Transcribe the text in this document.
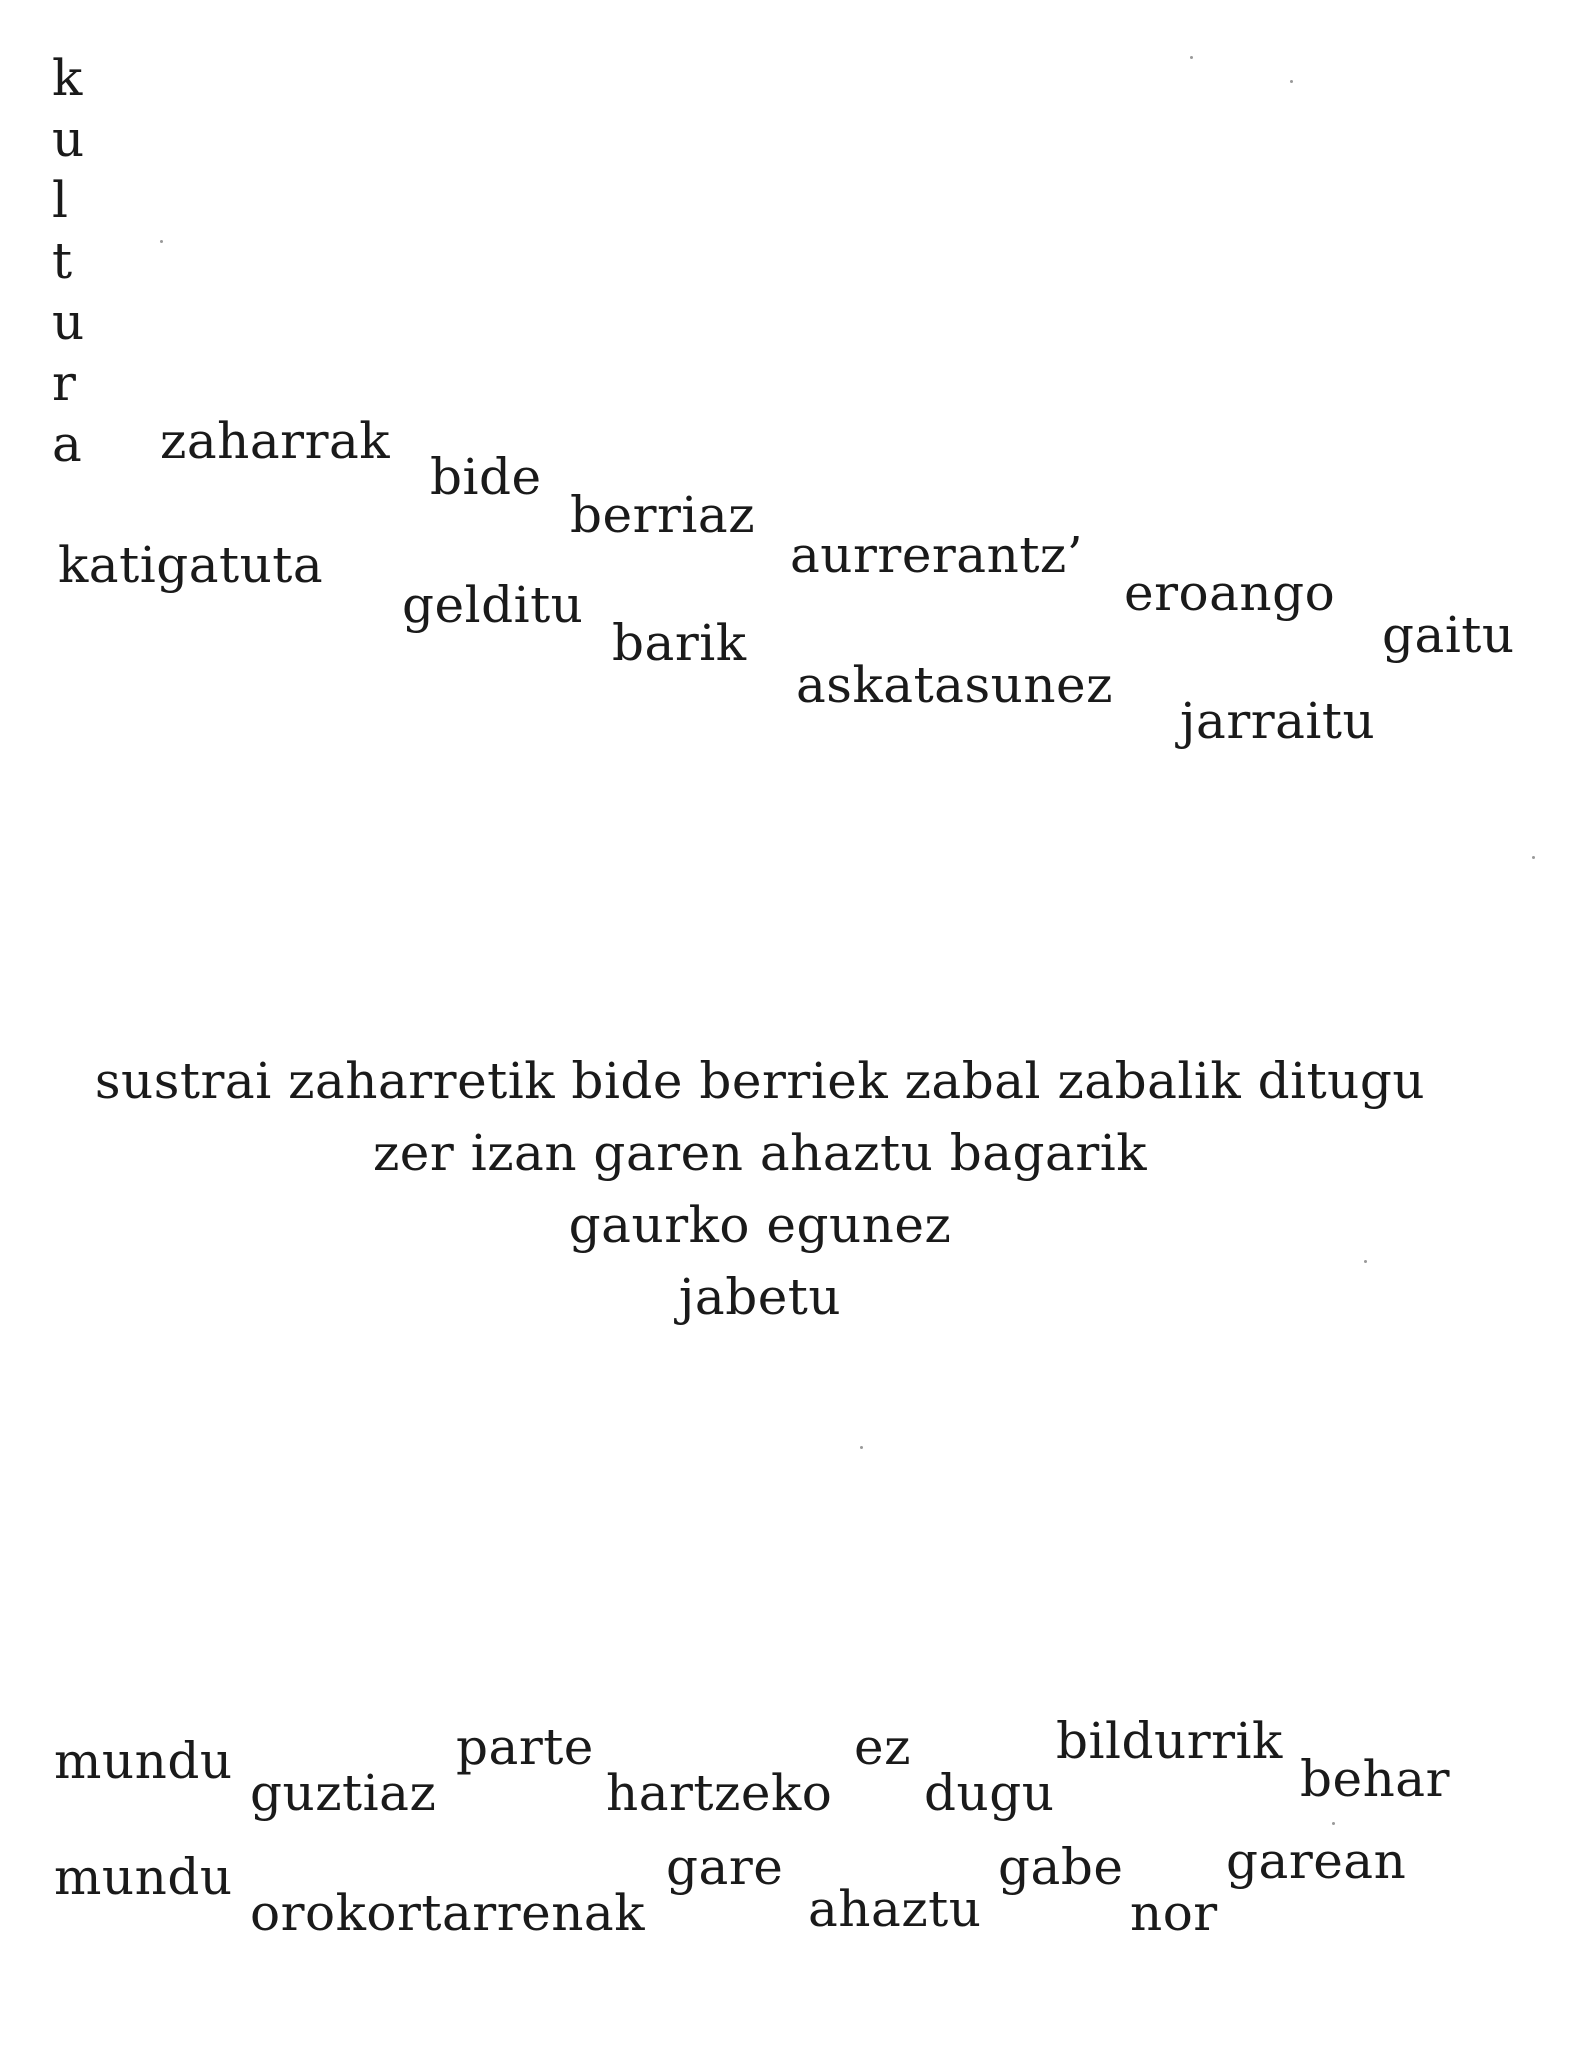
k
u
l
t
u
r
a zaharrak
bide
berriaz
katigatuta	aurrerantz’
gelditu	eroango
barik	gaitu
askatasunez
jarraitu
sustrai zaharretik bide berriek zabal zabalik ditugu
zer izan garen ahaztu bagarik
gaurko egunez
jabetu
mundu
guztiaz
parte
hartzeko
ez
dugu
bildurrik
behar
mundu
orokortarrenak
gare
ahaztu
gabe
nor
garean
